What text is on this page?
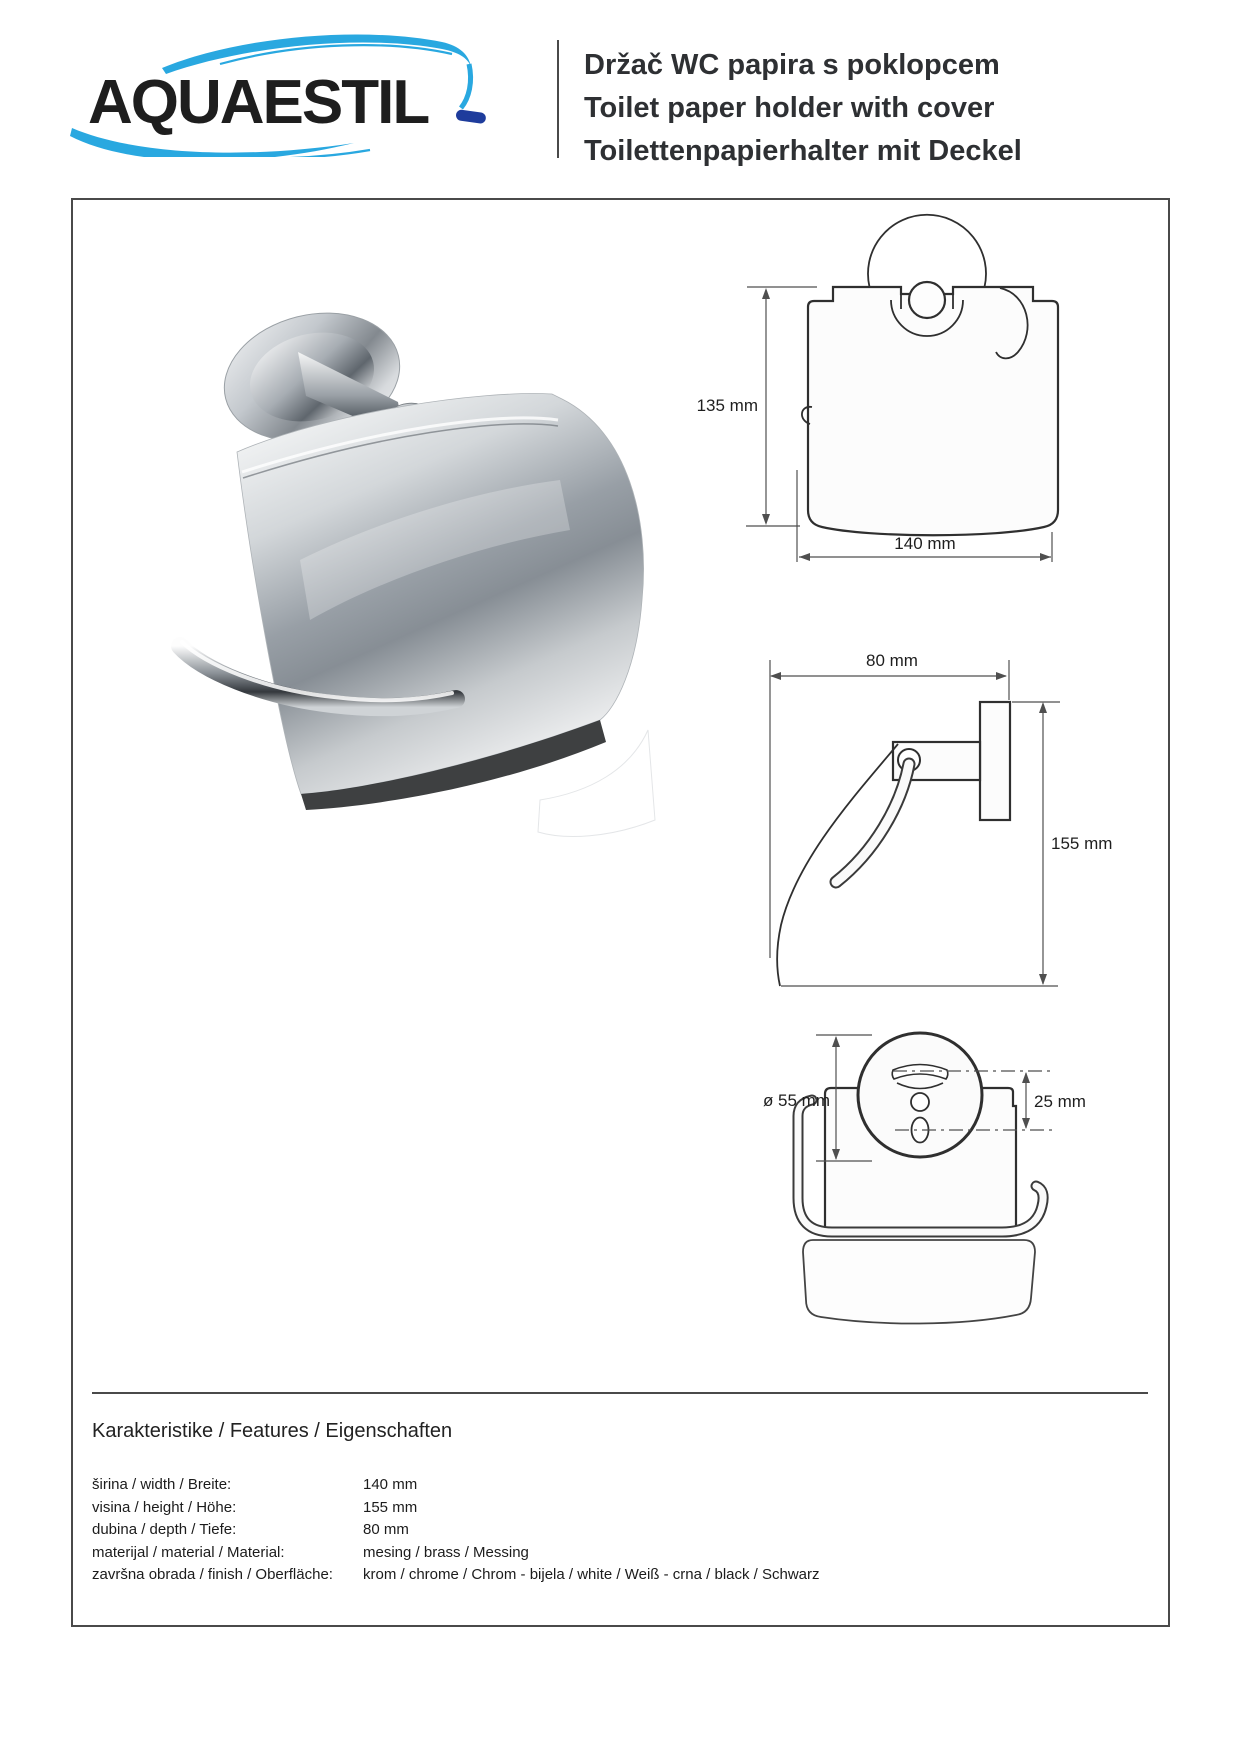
AQUAESTIL
Držač WC papira s poklopcem
Toilet paper holder with cover
Toilettenpapierhalter mit Deckel
135 mm
140 mm
80 mm
155 mm
ø 55 mm	25 mm
Karakteristike / Features / Eigenschaften
širina / width / Breite:	140 mm
visina / height / Höhe:	155 mm
dubina / depth / Tiefe:	80 mm
materijal / material / Material:	mesing / brass / Messing
završna obrada / finish / Oberfläche:	krom / chrome / Chrom - bijela / white / Weiß - crna / black / Schwarz
